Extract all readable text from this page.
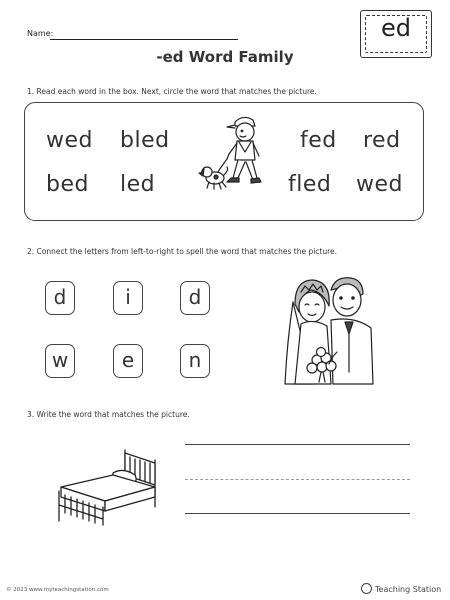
Name:
-ed Word Family
ed
1. Read each word in the box. Next, circle the word that matches the picture.
wed bled	fed red
bed led	fled wed
2. Connect the letters from left-to-right to spell the word that matches the picture.
d	i	d
w	e	n
3. Write the word that matches the picture.
© 2023 www.myteachingstation.com	Teaching Station
